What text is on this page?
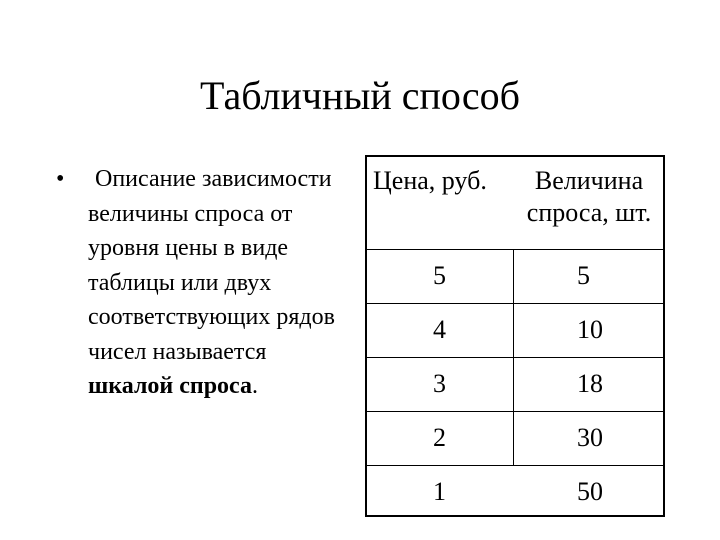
Табличный способ
•	Описание зависимости величины спроса от уровня цены в виде таблицы или двух соответствующих рядов чисел называется шкалой спроса.
Цена, руб.	Величина спроса, шт.
5	5
4	10
3	18
2	30
1	50
